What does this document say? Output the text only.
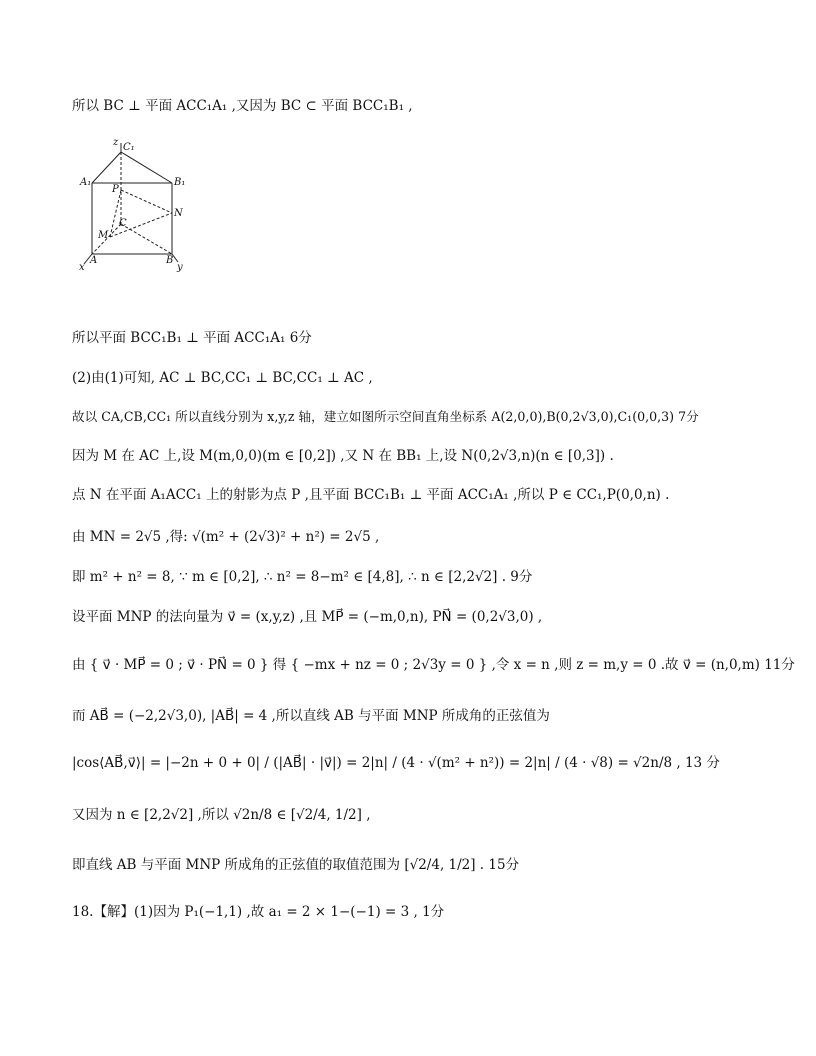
所以 BC ⊥ 平面 ACC₁A₁ ,又因为 BC ⊂ 平面 BCC₁B₁ ,
z C₁
A₁	B₁
P
N
C
M
A
x
B
y
所以平面 BCC₁B₁ ⊥ 平面 ACC₁A₁ 6分
(2)由(1)可知, AC ⊥ BC,CC₁ ⊥ BC,CC₁ ⊥ AC ,
故以 CA,CB,CC₁ 所以直线分别为 x,y,z 轴，建立如图所示空间直角坐标系 A(2,0,0),B(0,2√3,0),C₁(0,0,3) 7分
因为 M 在 AC 上,设 M(m,0,0)(m ∈ [0,2]) ,又 N 在 BB₁ 上,设 N(0,2√3,n)(n ∈ [0,3]) .
点 N 在平面 A₁ACC₁ 上的射影为点 P ,且平面 BCC₁B₁ ⊥ 平面 ACC₁A₁ ,所以 P ∈ CC₁,P(0,0,n) .
由 MN = 2√5 ,得: √(m² + (2√3)² + n²) = 2√5 ,
即 m² + n² = 8, ∵ m ∈ [0,2], ∴ n² = 8−m² ∈ [4,8], ∴ n ∈ [2,2√2] . 9分
设平面 MNP 的法向量为 v⃗ = (x,y,z) ,且 MP⃗ = (−m,0,n), PN⃗ = (0,2√3,0) ,
由 { v⃗ · MP⃗ = 0 ; v⃗ · PN⃗ = 0 } 得 { −mx + nz = 0 ; 2√3y = 0 } ,令 x = n ,则 z = m,y = 0 .故 v⃗ = (n,0,m) 11分
而 AB⃗ = (−2,2√3,0), |AB⃗| = 4 ,所以直线 AB 与平面 MNP 所成角的正弦值为
|cos⟨AB⃗,v⃗⟩| = |−2n + 0 + 0| / (|AB⃗| · |v⃗|) = 2|n| / (4 · √(m² + n²)) = 2|n| / (4 · √8) = √2n/8 , 13 分
又因为 n ∈ [2,2√2] ,所以 √2n/8 ∈ [√2/4, 1/2] ,
即直线 AB 与平面 MNP 所成角的正弦值的取值范围为 [√2/4, 1/2] . 15分
18.【解】(1)因为 P₁(−1,1) ,故 a₁ = 2 × 1−(−1) = 3 , 1分
